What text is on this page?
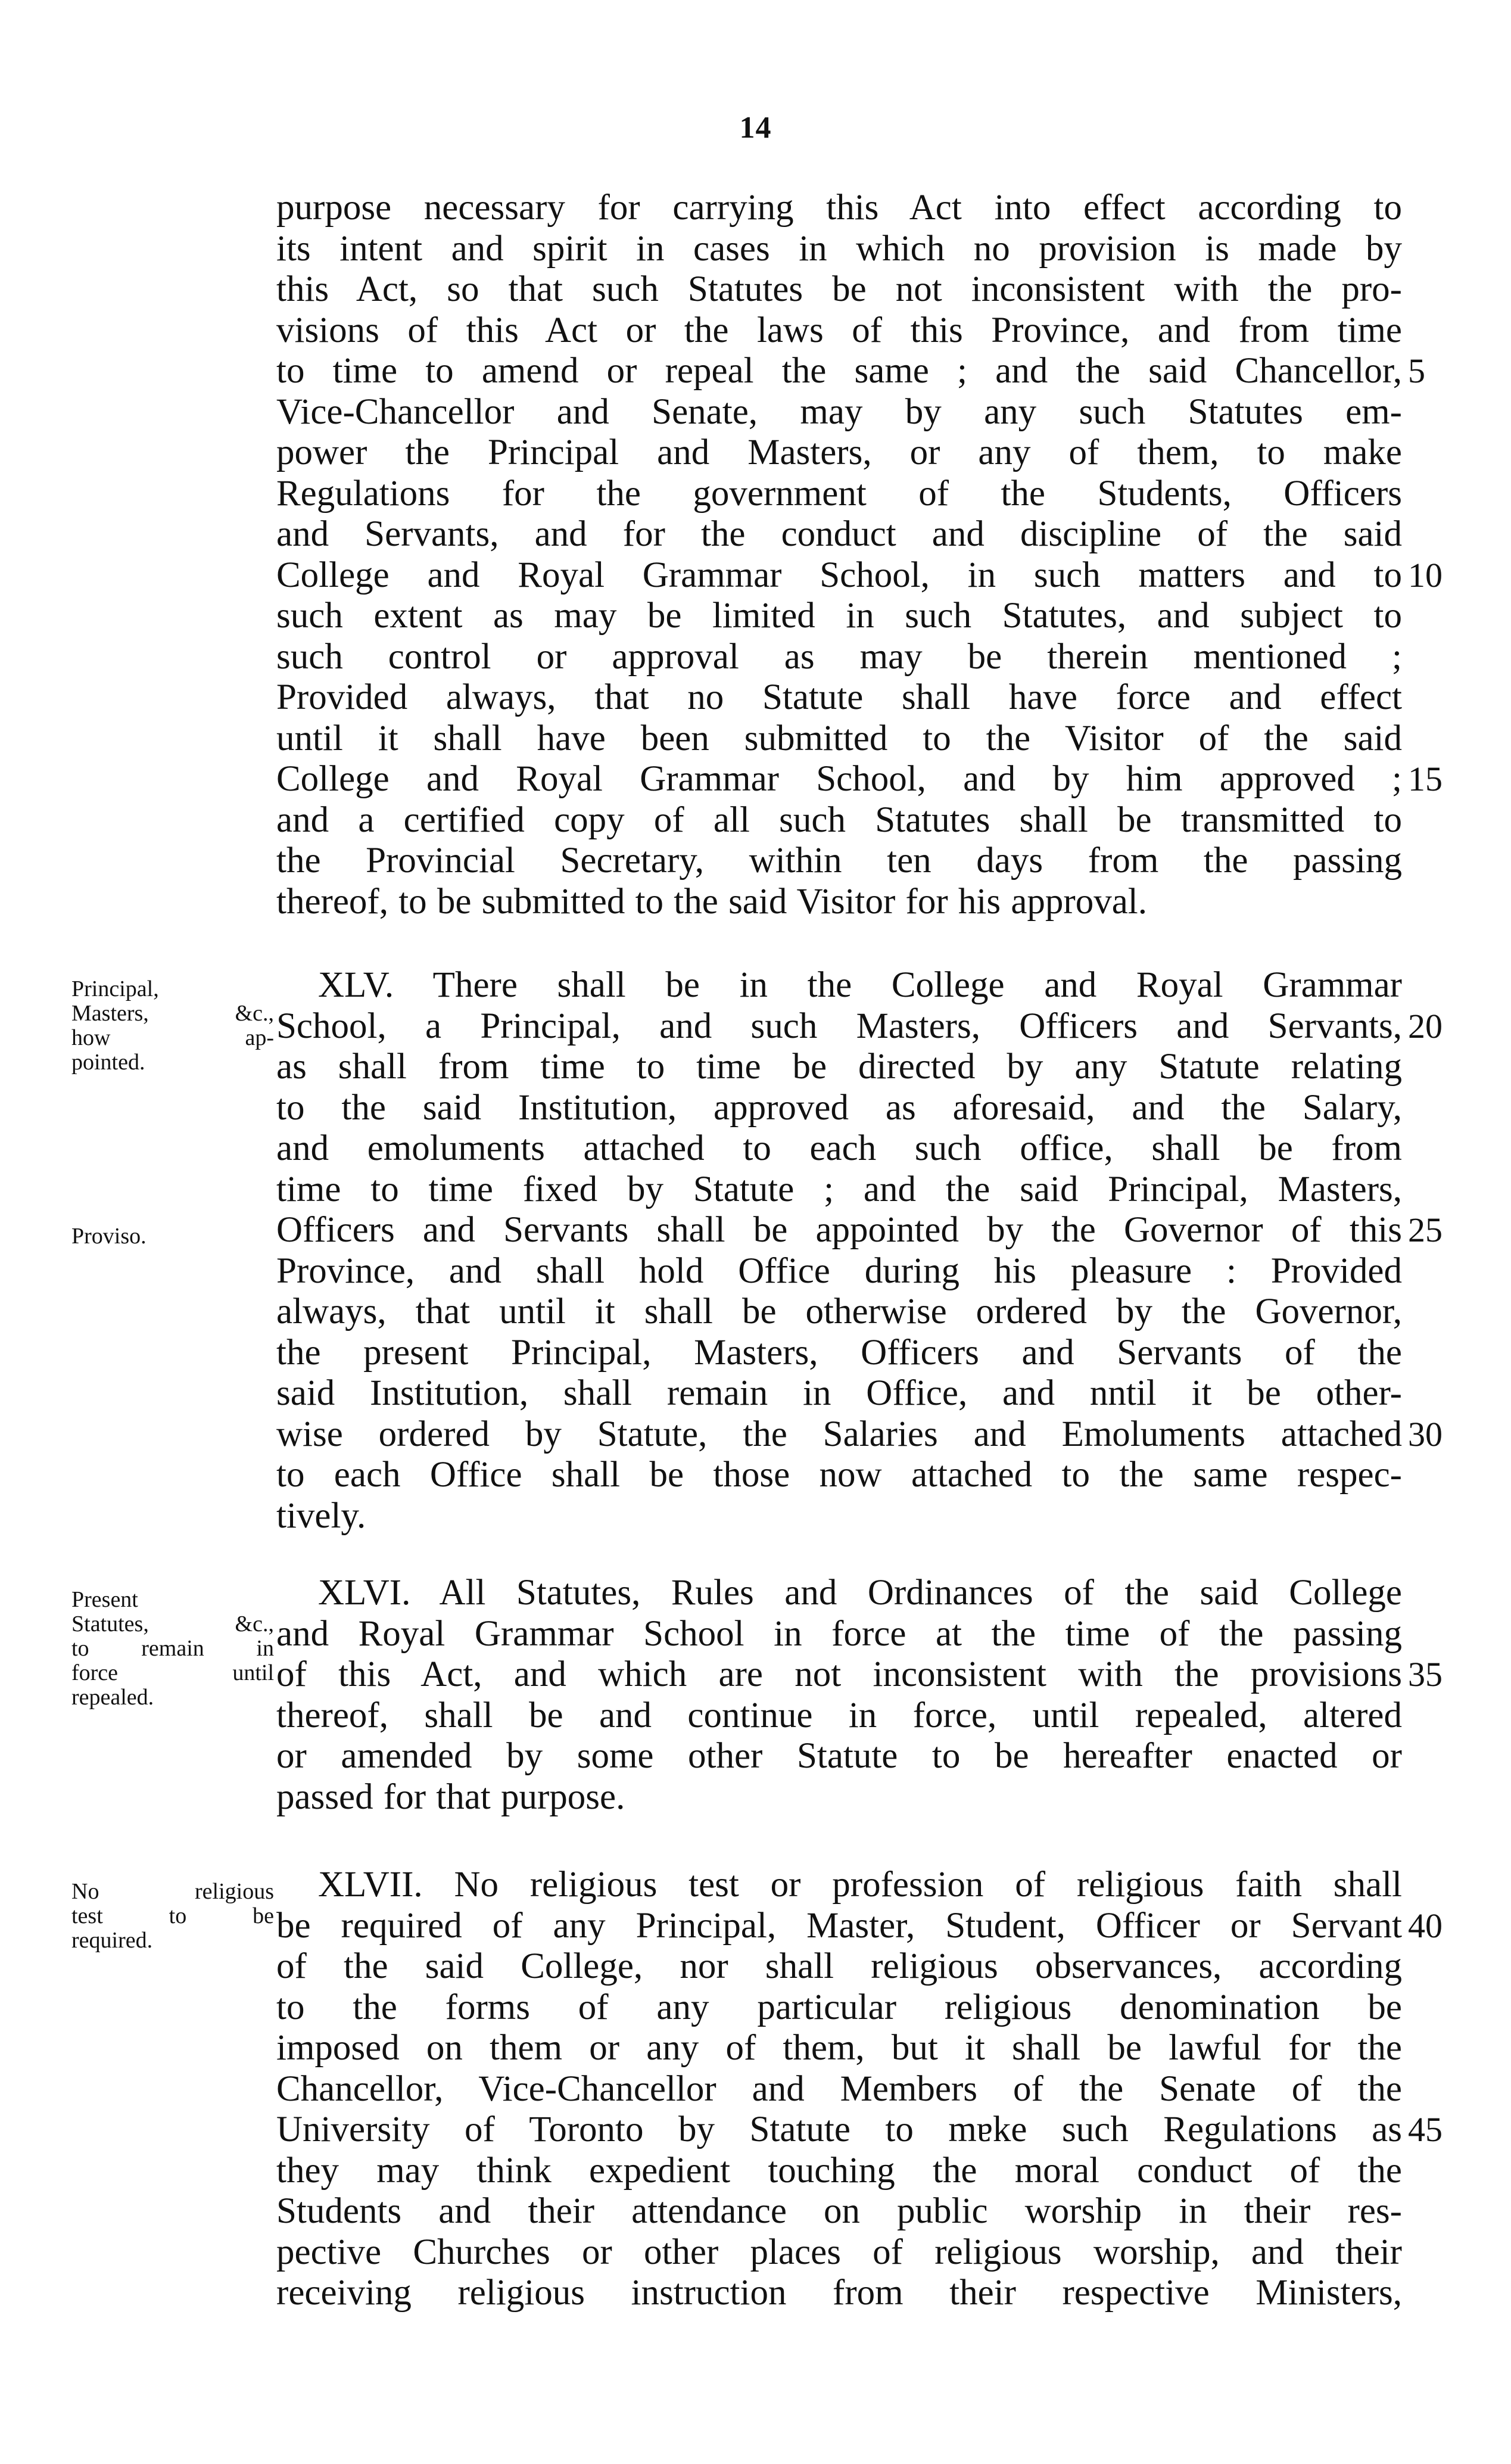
14
purpose necessary for carrying this Act into effect according to
its intent and spirit in cases in which no provision is made by
this Act, so that such Statutes be not inconsistent with the pro-
visions of this Act or the laws of this Province, and from time
to time to amend or repeal the same ; and the said Chancellor, 5
Vice-Chancellor and Senate, may by any such Statutes em-
power the Principal and Masters, or any of them, to make
Regulations for the government of the Students, Officers
and Servants, and for the conduct and discipline of the said
College and Royal Grammar School, in such matters and to 10
such extent as may be limited in such Statutes, and subject to
such control or approval as may be therein mentioned ;
Provided always, that no Statute shall have force and effect
until it shall have been submitted to the Visitor of the said
College and Royal Grammar School, and by him approved ; 15
and a certified copy of all such Statutes shall be transmitted to
the Provincial Secretary, within ten days from the passing
thereof, to be submitted to the said Visitor for his approval.
XLV. There shall be in the College and Royal Grammar
School, a Principal, and such Masters, Officers and Servants, 20
as shall from time to time be directed by any Statute relating
to the said Institution, approved as aforesaid, and the Salary,
and emoluments attached to each such office, shall be from
time to time fixed by Statute ; and the said Principal, Masters,
Officers and Servants shall be appointed by the Governor of this 25
Province, and shall hold Office during his pleasure : Provided
always, that until it shall be otherwise ordered by the Governor,
the present Principal, Masters, Officers and Servants of the
said Institution, shall remain in Office, and nntil it be other-
wise ordered by Statute, the Salaries and Emoluments attached 30
to each Office shall be those now attached to the same respec-
tively.
XLVI. All Statutes, Rules and Ordinances of the said College
and Royal Grammar School in force at the time of the passing
of this Act, and which are not inconsistent with the provisions 35
thereof, shall be and continue in force, until repealed, altered
or amended by some other Statute to be hereafter enacted or
passed for that purpose.
XLVII. No religious test or profession of religious faith shall
be required of any Principal, Master, Student, Officer or Servant 40
of the said College, nor shall religious observances, according
to the forms of any particular religious denomination be
imposed on them or any of them, but it shall be lawful for the
Chancellor, Vice-Chancellor and Members of the Senate of the
University of Toronto by Statute to mɐke such Regulations as 45
they may think expedient touching the moral conduct of the
Students and their attendance on public worship in their res-
pective Churches or other places of religious worship, and their
receiving religious instruction from their respective Ministers,
Principal,
Masters, &c.,
how ap-
pointed.
Proviso.
Present
Statutes, &c.,
to remain in
force until
repealed.
No religious
test to be
required.
